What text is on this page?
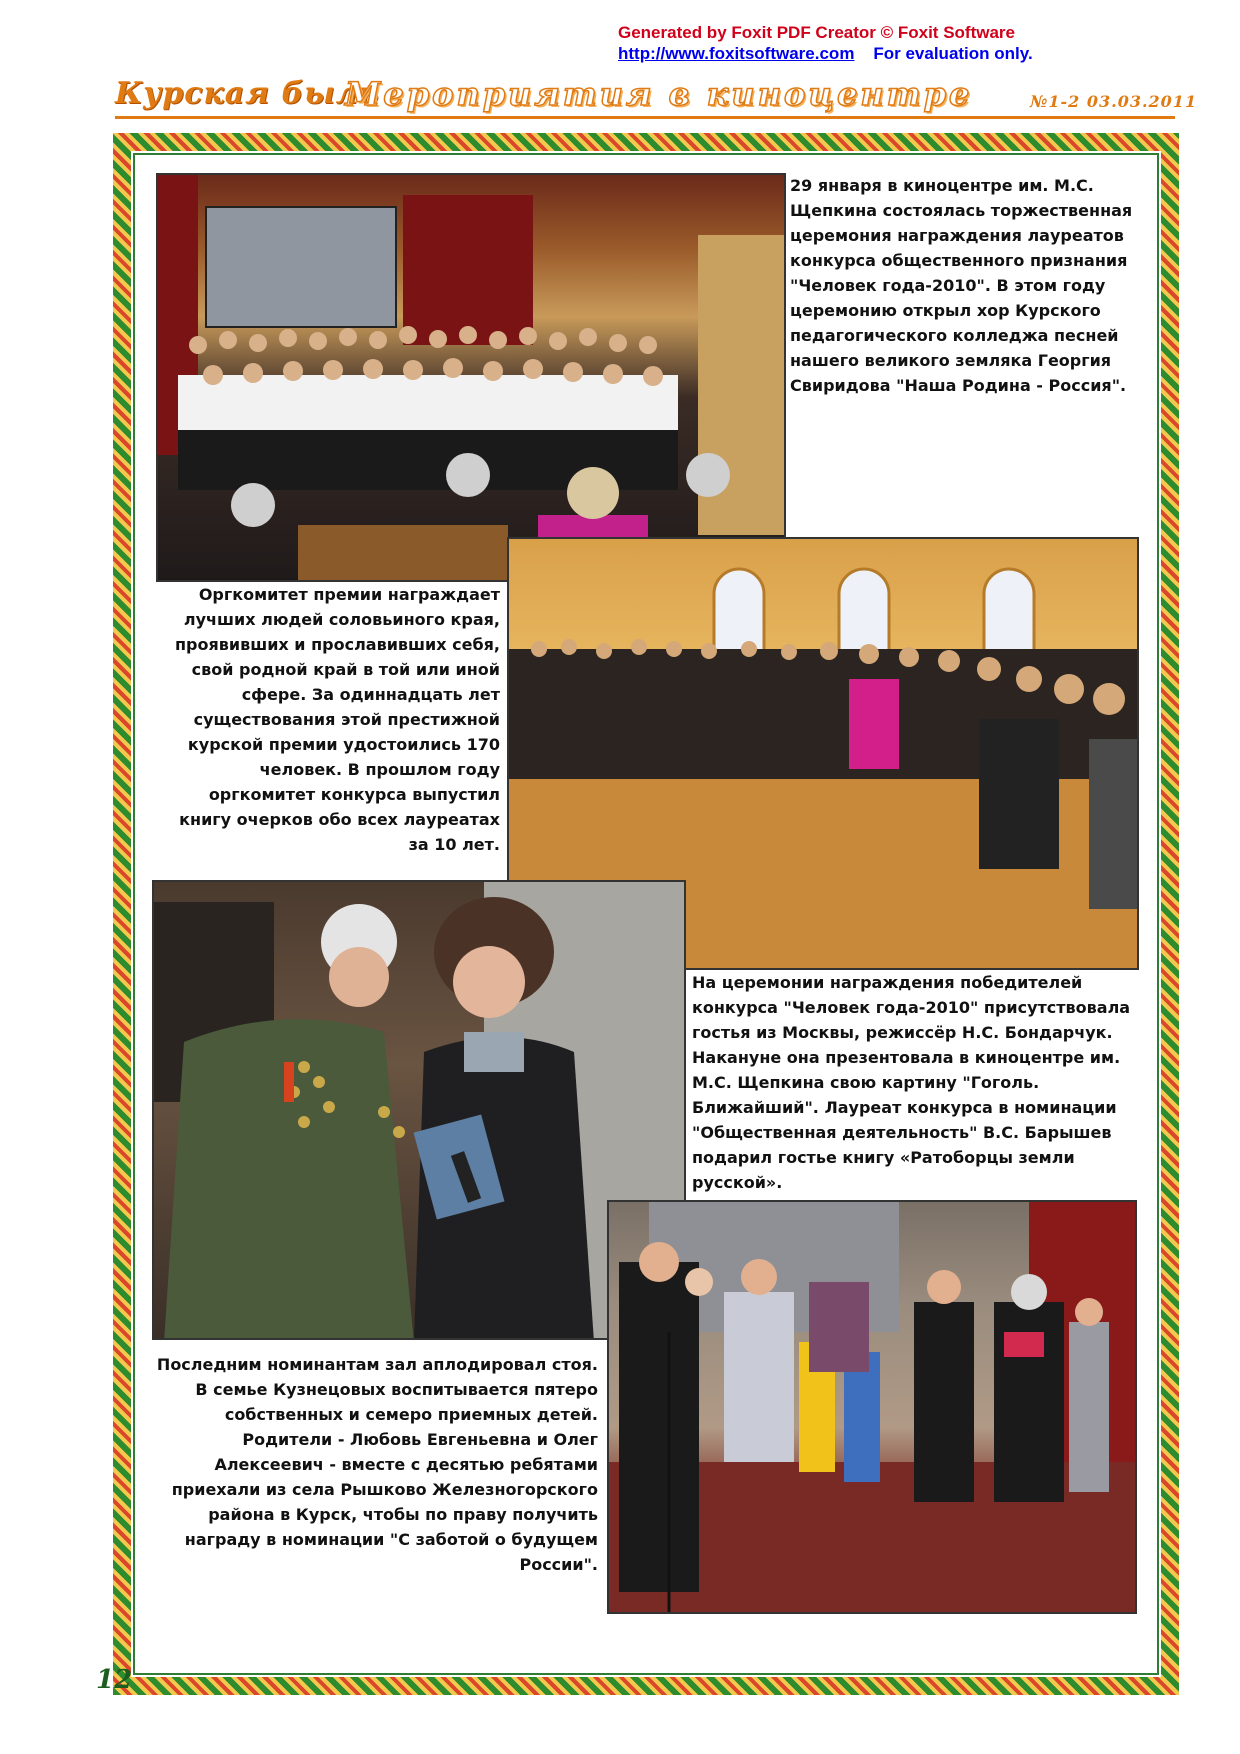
Generated by Foxit PDF Creator © Foxit Software
http://www.foxitsoftware.com For evaluation only.
Курская быль
Мероприятия в киноцентре	№1-2 03.03.2011
29 января в киноцентре им. М.С. Щепкина состоялась торжественная церемония награждения лауреатов конкурса общественного признания "Человек года-2010". В этом году церемонию открыл хор Курского педагогического колледжа песней нашего великого земляка Георгия Свиридова "Наша Родина - Россия".
Оргкомитет премии награждает лучших людей соловьиного края, проявивших и прославивших себя, свой родной край в той или иной сфере. За одиннадцать лет существования этой престижной курской премии удостоились 170 человек. В прошлом году оргкомитет конкурса выпустил книгу очерков обо всех лауреатах за 10 лет.
На церемонии награждения победителей конкурса "Человек года-2010" присутствовала гостья из Москвы, режиссёр Н.С. Бондарчук. Накануне она презентовала в киноцентре им. М.С. Щепкина свою картину "Гоголь. Ближайший". Лауреат конкурса в номинации "Общественная деятельность" В.С. Барышев подарил гостье книгу «Ратоборцы земли русской».
Последним номинантам зал аплодировал стоя. В семье Кузнецовых воспитывается пятеро собственных и семеро приемных детей. Родители - Любовь Евгеньевна и Олег Алексеевич - вместе с десятью ребятами приехали из села Рышково Железногорского района в Курск, чтобы по праву получить награду в номинации "С заботой о будущем России".
12
